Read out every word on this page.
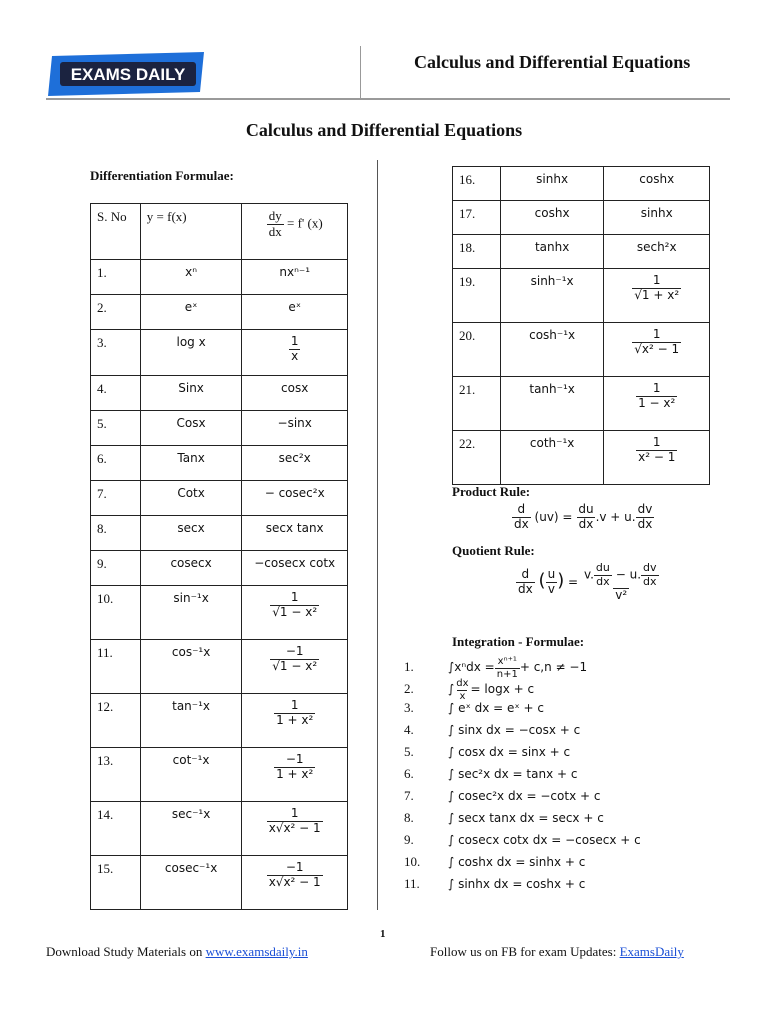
EXAMS DAILY
Calculus and Differential Equations
Calculus and Differential Equations
Differentiation Formulae:
S. No	y = f(x)	$\frac{dy}{dx} = f'$ (x)
1.	xⁿ	nxⁿ⁻¹
2.	eˣ	eˣ
3.	log x	$\frac{1}{x}$

4.	Sinx	cosx
5.	Cosx	−sinx
6.	Tanx	sec²x
7.	Cotx	− cosec²x
8.	secx	secx tanx
9.	cosecx	−cosecx cotx
10.	sin⁻¹x	$\frac{1}{\text{√1 − x²}}$

11.	cos⁻¹x	$\frac{-1}{\text{√1 − x²}}$

12.	tan⁻¹x	$\frac{1}{\text{1 + x²}}$

13.	cot⁻¹x	$\frac{-1}{\text{1 + x²}}$

14.	sec⁻¹x	$\frac{1}{\text{x√x² − 1}}$

15.	cosec⁻¹x	$\frac{-1}{\text{x√x² − 1}}$
16.	sinhx	coshx
17.	coshx	sinhx
18.	tanhx	sech²x
19.	sinh⁻¹x	$\frac{1}{\text{√1 + x²}}$

20.	cosh⁻¹x	$\frac{1}{\text{√x² − 1}}$

21.	tanh⁻¹x	$\frac{1}{\text{1 − x²}}$

22.	coth⁻¹x	$\frac{1}{\text{x² − 1}}$
Product Rule:
$\frac{d}{dx} (uv) = \frac{du}{dx} .v + u$. $\frac{dv}{dx}$
Quotient Rule:
$\frac{d}{dx}$ ( $\frac{u}{v}$ ) = $\frac{v. \frac{du}{dx} - u. \frac{dv}{dx}}{\text{v²}}$
Integration - Formulae:
1.	$\int x^ndx = \frac{\text{xⁿ⁺¹}}{n+1} + c,n \ne -1$
2.	∫ $\frac{dx}{x} = \log x + c$
3.	∫ eˣ dx = eˣ + c
4.	∫ sinx dx = −cosx + c
5.	∫ cosx dx = sinx + c
6.	∫ sec²x dx = tanx + c
7.	∫ cosec²x dx = −cotx + c
8.	∫ secx tanx dx = secx + c
9.	∫ cosecx cotx dx = −cosecx + c
10. ∫ coshx dx = sinhx + c
11. ∫ sinhx dx = coshx + c
1
Download Study Materials on www.examsdaily.in	Follow us on FB for exam Updates: ExamsDaily
